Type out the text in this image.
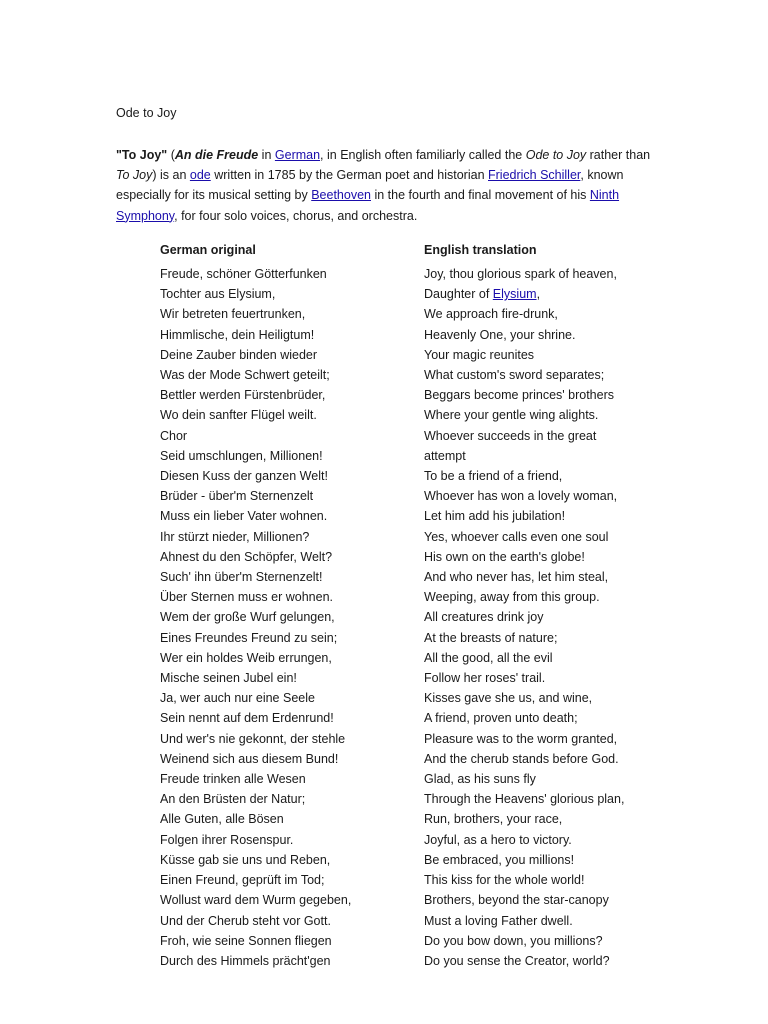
Ode to Joy
"To Joy" (An die Freude in German, in English often familiarly called the Ode to Joy rather than To Joy) is an ode written in 1785 by the German poet and historian Friedrich Schiller, known especially for its musical setting by Beethoven in the fourth and final movement of his Ninth Symphony, for four solo voices, chorus, and orchestra.
German original
Freude, schöner Götterfunken
Tochter aus Elysium,
Wir betreten feuertrunken,
Himmlische, dein Heiligtum!
Deine Zauber binden wieder
Was der Mode Schwert geteilt;
Bettler werden Fürstenbrüder,
Wo dein sanfter Flügel weilt.
Chor
Seid umschlungen, Millionen!
Diesen Kuss der ganzen Welt!
Brüder - über'm Sternenzelt
Muss ein lieber Vater wohnen.
Ihr stürzt nieder, Millionen?
Ahnest du den Schöpfer, Welt?
Such' ihn über'm Sternenzelt!
Über Sternen muss er wohnen.
Wem der große Wurf gelungen,
Eines Freundes Freund zu sein;
Wer ein holdes Weib errungen,
Mische seinen Jubel ein!
Ja, wer auch nur eine Seele
Sein nennt auf dem Erdenrund!
Und wer's nie gekonnt, der stehle
Weinend sich aus diesem Bund!
Freude trinken alle Wesen
An den Brüsten der Natur;
Alle Guten, alle Bösen
Folgen ihrer Rosenspur.
Küsse gab sie uns und Reben,
Einen Freund, geprüft im Tod;
Wollust ward dem Wurm gegeben,
Und der Cherub steht vor Gott.
Froh, wie seine Sonnen fliegen
Durch des Himmels prächt'gen
English translation
Joy, thou glorious spark of heaven,
Daughter of Elysium,
We approach fire-drunk,
Heavenly One, your shrine.
Your magic reunites
What custom's sword separates;
Beggars become princes' brothers
Where your gentle wing alights.
Whoever succeeds in the great attempt
To be a friend of a friend,
Whoever has won a lovely woman,
Let him add his jubilation!
Yes, whoever calls even one soul
His own on the earth's globe!
And who never has, let him steal,
Weeping, away from this group.
All creatures drink joy
At the breasts of nature;
All the good, all the evil
Follow her roses' trail.
Kisses gave she us, and wine,
A friend, proven unto death;
Pleasure was to the worm granted,
And the cherub stands before God.
Glad, as his suns fly
Through the Heavens' glorious plan,
Run, brothers, your race,
Joyful, as a hero to victory.
Be embraced, you millions!
This kiss for the whole world!
Brothers, beyond the star-canopy
Must a loving Father dwell.
Do you bow down, you millions?
Do you sense the Creator, world?
